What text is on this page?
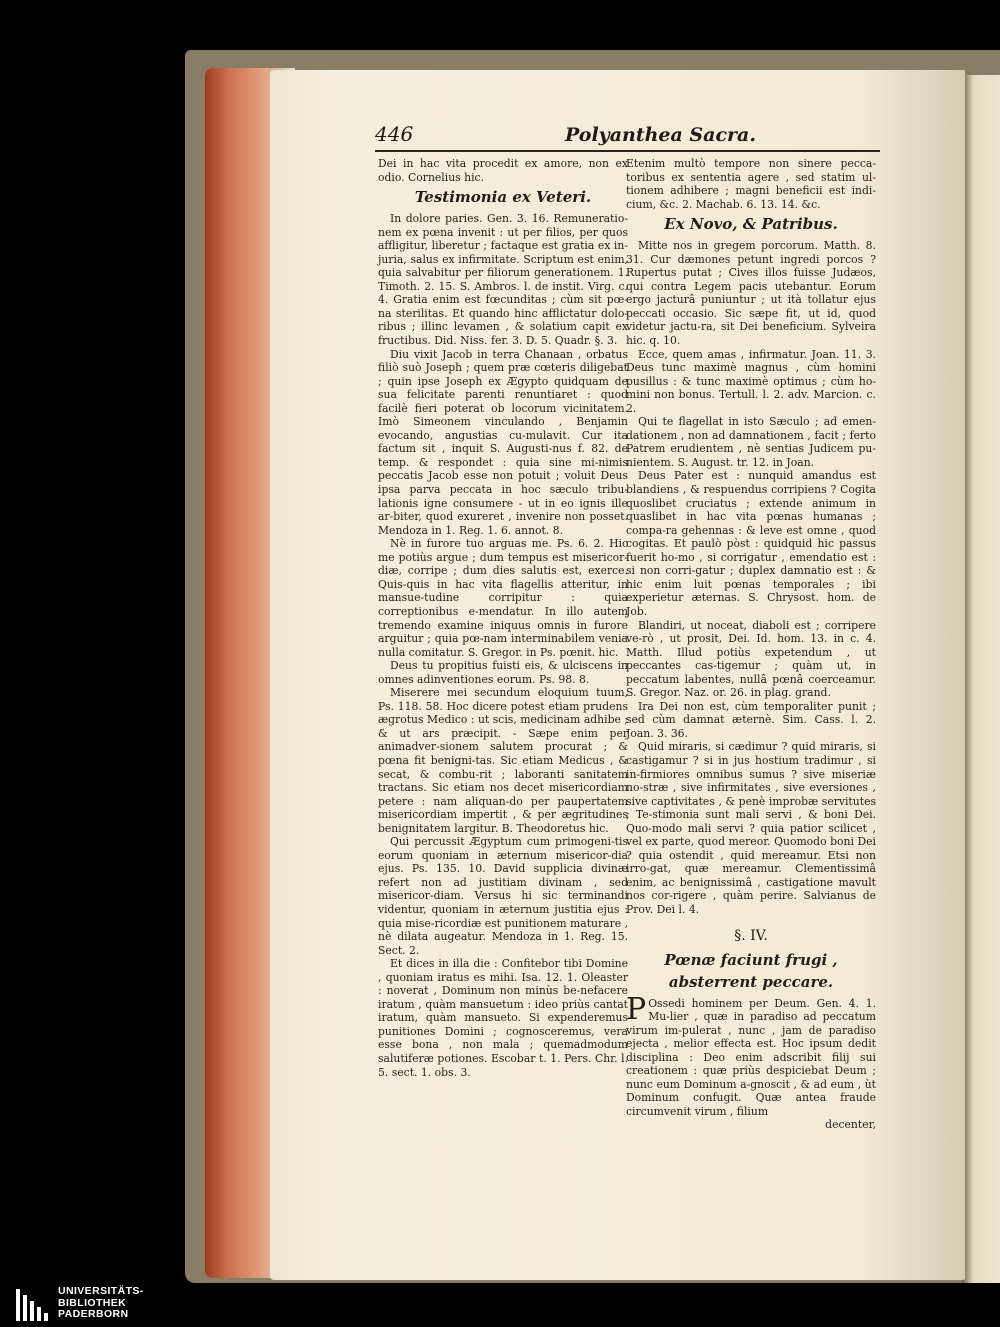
446	Polyanthea Sacra.

Dei in hac vita procedit ex amore, non ex odio. Cornelius hic.

Testimonia ex Veteri.

In dolore paries. Gen. 3. 16. Remuneratio-nem ex pœna invenit : ut per filios, per quos affligitur, liberetur ; factaque est gratia ex in-juria, salus ex infirmitate. Scriptum est enim, quia salvabitur per filiorum generationem. 1. Timoth. 2. 15. S. Ambros. l. de instit. Virg. c. 4. Gratia enim est fœcunditas ; cùm sit pœ-na sterilitas. Et quando hinc afflictatur dolo-ribus ; illinc levamen , & solatium capit ex fructibus. Did. Niss. fer. 3. D. 5. Quadr. §. 3.

Diu vixit Jacob in terra Chanaan , orbatus filiò suò Joseph ; quem præ cœteris diligebat ; quin ipse Joseph ex Ægypto quidquam de sua felicitate parenti renuntiaret : quod facilè fieri poterat ob locorum vicinitatem. Imò Simeonem vinculando , Benjamin evocando, angustias cu-mulavit. Cur ita factum sit , inquit S. Augusti-nus f. 82. de temp. & respondet : quia sine mi-nimis peccatis Jacob esse non potuit ; voluit Deus ipsa parva peccata in hoc sæculo tribu-lationis igne consumere - ut in eo ignis ille ar-biter, quod exureret , invenire non posset. Mendoza in 1. Reg. 1. 6. annot. 8.

Nè in furore tuo arguas me. Ps. 6. 2. Hic me potiùs argue ; dum tempus est misericor-diæ, corripe ; dum dies salutis est, exerce. Quis-quis in hac vita flagellis atteritur, in mansue-tudine corripitur : quia correptionibus e-mendatur. In illo autem tremendo examine iniquus omnis in furore arguitur ; quia pœ-nam interminabilem venia nulla comitatur. S. Gregor. in Ps. pœnit. hic.

Deus tu propitius fuisti eis, & ulciscens in omnes adinventiones eorum. Ps. 98. 8.

Miserere mei secundum eloquium tuum, Ps. 118. 58. Hoc dicere potest etiam prudens ægrotus Medico : ut scis, medicinam adhibe ; & ut ars præcipit. - Sæpe enim per animadver-sionem salutem procurat ; & pœna fit benigni-tas. Sic etiam Medicus , & secat, & combu-rit ; laboranti sanitatem tractans. Sic etiam nos decet misericordiam petere : nam aliquan-do per paupertatem misericordiam impertit , & per ægritudines benignitatem largitur. B. Theodoretus hic.

Qui percussit Ægyptum cum primogeni-tis eorum quoniam in æternum misericor-dia ejus. Ps. 135. 10. David supplicia divinæ refert non ad justitiam divinam , sed misericor-diam. Versus hi sic terminandi videntur, quoniam in æternum justitia ejus : quia mise-ricordiæ est punitionem maturare , nè dilata augeatur. Mendoza in 1. Reg. 15. Sect. 2.

Et dices in illa die : Confitebor tibi Domine , quoniam iratus es mihi. Isa. 12. 1. Oleaster : noverat , Dominum non minùs be-nefacere iratum , quàm mansuetum : ideo priùs cantat iratum, quàm mansueto. Si expenderemus punitiones Domini ; cognosceremus, vera esse bona , non mala ; quemadmodum salutiferæ potiones. Escobar t. 1. Pers. Chr. l. 5. sect. 1. obs. 3.

Etenim multò tempore non sinere pecca-toribus ex sententia agere , sed statim ul-tionem adhibere ; magni beneficii est indi-cium, &c. 2. Machab. 6. 13. 14. &c.

Ex Novo, & Patribus.

Mitte nos in gregem porcorum. Matth. 8. 31. Cur dæmones petunt ingredi porcos ? Rupertus putat ; Cives illos fuisse Judæos, qui contra Legem pacis utebantur. Eorum ergo jacturâ puniuntur ; ut ità tollatur ejus peccati occasio. Sic sæpe fit, ut id, quod videtur jactu-ra, sit Dei beneficium. Sylveira hic. q. 10.

Ecce, quem amas , infirmatur. Joan. 11. 3. Deus tunc maximè magnus , cùm homini pusillus : & tunc maximè optimus ; cùm ho-mini non bonus. Tertull. l. 2. adv. Marcion. c. 2.

Qui te flagellat in isto Sæculo ; ad emen-dationem , non ad damnationem , facit ; ferto Patrem erudientem , nè sentias Judicem pu-nientem. S. August. tr. 12. in Joan.

Deus Pater est : nunquid amandus est blandiens , & respuendus corripiens ? Cogita quoslibet cruciatus ; extende animum in quaslibet in hac vita pœnas humanas ; compa-ra gehennas : & leve est omne , quod cogitas. Et paulò pòst : quidquid hic passus fuerit ho-mo , si corrigatur , emendatio est : si non corri-gatur ; duplex damnatio est : & hic enim luit pœnas temporales ; ibi experietur æternas. S. Chrysost. hom. de Job.

Blandiri, ut noceat, diaboli est ; corripere ve-rò , ut prosit, Dei. Id. hom. 13. in c. 4. Matth. Illud potiùs expetendum , ut peccantes cas-tigemur ; quàm ut, in peccatum labentes, nullâ pœnâ coerceamur. S. Gregor. Naz. or. 26. in plag. grand.

Ira Dei non est, cùm temporaliter punit ; sed cùm damnat æternè. Sim. Cass. l. 2. Joan. 3. 36.

Quid miraris, si cædimur ? quid miraris, si castigamur ? si in jus hostium tradimur , si in-firmiores omnibus sumus ? sive miseriæ no-stræ , sive infirmitates , sive eversiones , sive captivitates , & penè improbæ servitutes ; Te-stimonia sunt mali servi , & boni Dei. Quo-modo mali servi ? quia patior scilicet , vel ex parte, quod mereor. Quomodo boni Dei ? quia ostendit , quid mereamur. Etsi non irro-gat, quæ mereamur. Clementissimâ enim, ac benignissimâ , castigatione mavult nos cor-rigere , quàm perire. Salvianus de Prov. Dei l. 4.

§. IV.

Pœnæ faciunt frugi , absterrent peccare.

P Ossedi hominem per Deum. Gen. 4. 1. Mu-lier , quæ in paradiso ad peccatum virum im-pulerat , nunc , jam de paradiso ejecta , melior effecta est. Hoc ipsum dedit disciplina : Deo enim adscribit filij sui creationem : quæ priùs despiciebat Deum ; nunc eum Dominum a-gnoscit , & ad eum , ùt Dominum confugit. Quæ antea fraude circumvenit virum , filium

decenter,

UNIVERSITÄTS-
BIBLIOTHEK
PADERBORN
